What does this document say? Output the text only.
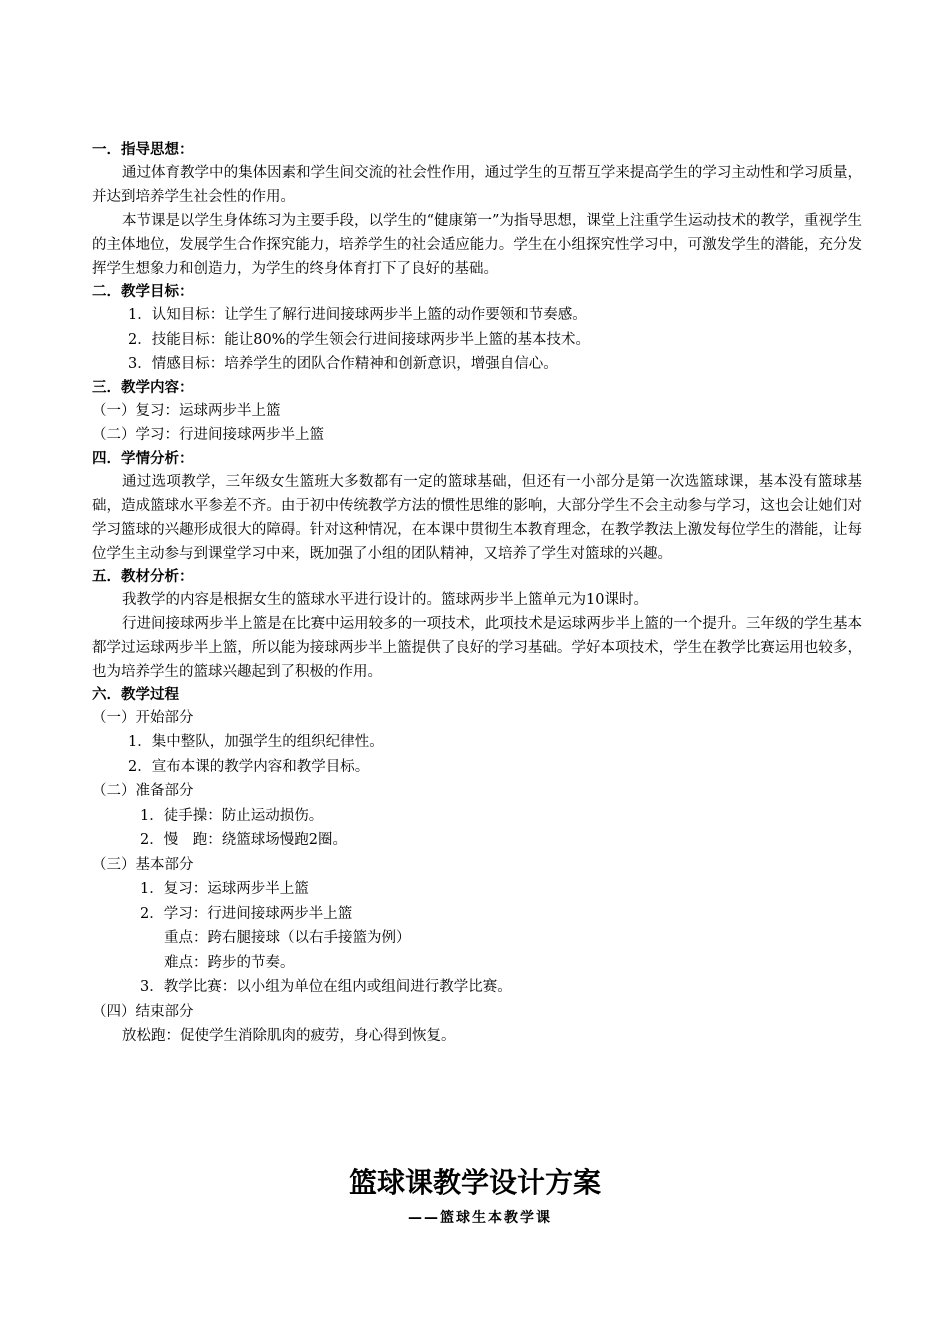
一．指导思想：
通过体育教学中的集体因素和学生间交流的社会性作用，通过学生的互帮互学来提高学生的学习主动性和学习质量，并达到培养学生社会性的作用。
本节课是以学生身体练习为主要手段，以学生的“健康第一”为指导思想，课堂上注重学生运动技术的教学，重视学生的主体地位，发展学生合作探究能力，培养学生的社会适应能力。学生在小组探究性学习中，可激发学生的潜能，充分发挥学生想象力和创造力，为学生的终身体育打下了良好的基础。
二．教学目标：
1．认知目标：让学生了解行进间接球两步半上篮的动作要领和节奏感。
2．技能目标：能让80%的学生领会行进间接球两步半上篮的基本技术。
3．情感目标：培养学生的团队合作精神和创新意识，增强自信心。
三．教学内容：
（一）复习：运球两步半上篮
（二）学习：行进间接球两步半上篮
四．学情分析：
通过选项教学，三年级女生篮班大多数都有一定的篮球基础，但还有一小部分是第一次选篮球课，基本没有篮球基础，造成篮球水平参差不齐。由于初中传统教学方法的惯性思维的影响，大部分学生不会主动参与学习，这也会让她们对学习篮球的兴趣形成很大的障碍。针对这种情况，在本课中贯彻生本教育理念，在教学教法上激发每位学生的潜能，让每位学生主动参与到课堂学习中来，既加强了小组的团队精神，又培养了学生对篮球的兴趣。
五．教材分析：
我教学的内容是根据女生的篮球水平进行设计的。篮球两步半上篮单元为10课时。
行进间接球两步半上篮是在比赛中运用较多的一项技术，此项技术是运球两步半上篮的一个提升。三年级的学生基本都学过运球两步半上篮，所以能为接球两步半上篮提供了良好的学习基础。学好本项技术，学生在教学比赛运用也较多，也为培养学生的篮球兴趣起到了积极的作用。
六．教学过程
（一）开始部分
1．集中整队，加强学生的组织纪律性。
2．宣布本课的教学内容和教学目标。
（二）准备部分
1．徒手操：防止运动损伤。
2．慢　跑：绕篮球场慢跑2圈。
（三）基本部分
1．复习：运球两步半上篮
2．学习：行进间接球两步半上篮
重点：跨右腿接球（以右手接篮为例）
难点：跨步的节奏。
3．教学比赛：以小组为单位在组内或组间进行教学比赛。
（四）结束部分
放松跑：促使学生消除肌肉的疲劳，身心得到恢复。
篮球课教学设计方案
——篮球生本教学课
